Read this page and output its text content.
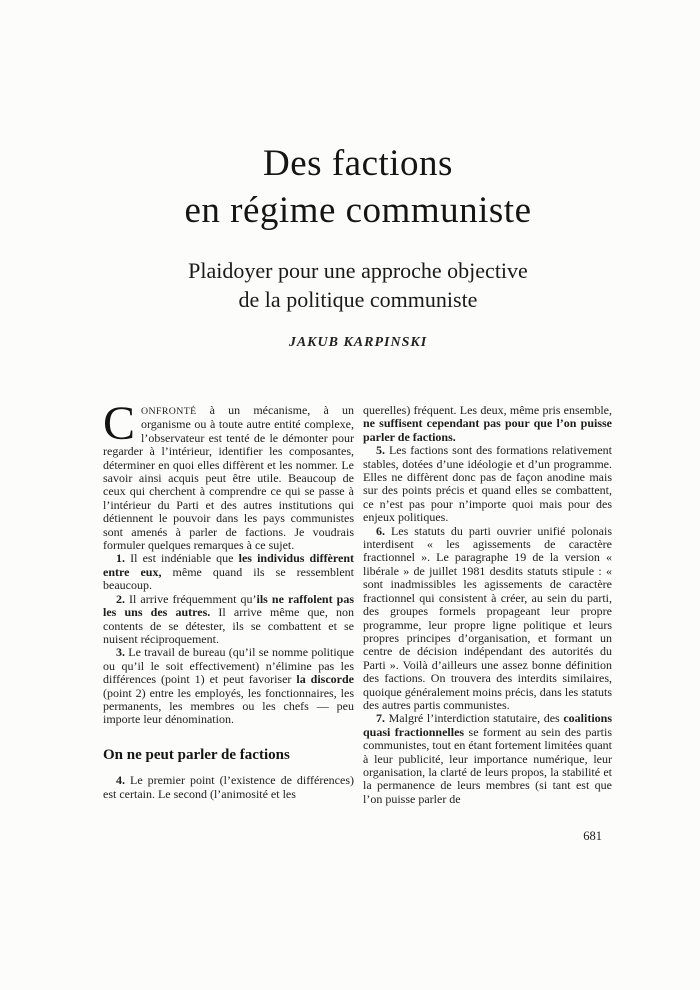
Des factions
en régime communiste
Plaidoyer pour une approche objective
de la politique communiste
JAKUB KARPINSKI

CONFRONTÉ à un mécanisme, à un organisme ou à toute autre entité complexe, l’observateur est tenté de le démonter pour regarder à l’intérieur, identifier les composantes, déterminer en quoi elles diffèrent et les nommer. Le savoir ainsi acquis peut être utile. Beaucoup de ceux qui cherchent à comprendre ce qui se passe à l’intérieur du Parti et des autres institutions qui détiennent le pouvoir dans les pays communistes sont amenés à parler de factions. Je voudrais formuler quelques remarques à ce sujet.

1. Il est indéniable que les individus diffèrent entre eux, même quand ils se ressemblent beaucoup.

2. Il arrive fréquemment qu’ils ne raffolent pas les uns des autres. Il arrive même que, non contents de se détester, ils se combattent et se nuisent réciproquement.

3. Le travail de bureau (qu’il se nomme politique ou qu’il le soit effectivement) n’élimine pas les différences (point 1) et peut favoriser la discorde (point 2) entre les employés, les fonctionnaires, les permanents, les membres ou les chefs — peu importe leur dénomination.

On ne peut parler de factions

4. Le premier point (l’existence de différences) est certain. Le second (l’animosité et les

querelles) fréquent. Les deux, même pris ensemble, ne suffisent cependant pas pour que l’on puisse parler de factions.

5. Les factions sont des formations relativement stables, dotées d’une idéologie et d’un programme. Elles ne diffèrent donc pas de façon anodine mais sur des points précis et quand elles se combattent, ce n’est pas pour n’importe quoi mais pour des enjeux politiques.

6. Les statuts du parti ouvrier unifié polonais interdisent « les agissements de caractère fractionnel ». Le paragraphe 19 de la version « libérale » de juillet 1981 desdits statuts stipule : « sont inadmissibles les agissements de caractère fractionnel qui consistent à créer, au sein du parti, des groupes formels propageant leur propre programme, leur propre ligne politique et leurs propres principes d’organisation, et formant un centre de décision indépendant des autorités du Parti ». Voilà d’ailleurs une assez bonne définition des factions. On trouvera des interdits similaires, quoique généralement moins précis, dans les statuts des autres partis communistes.

7. Malgré l’interdiction statutaire, des coalitions quasi fractionnelles se forment au sein des partis communistes, tout en étant fortement limitées quant à leur publicité, leur importance numérique, leur organisation, la clarté de leurs propos, la stabilité et la permanence de leurs membres (si tant est que l’on puisse parler de

681
